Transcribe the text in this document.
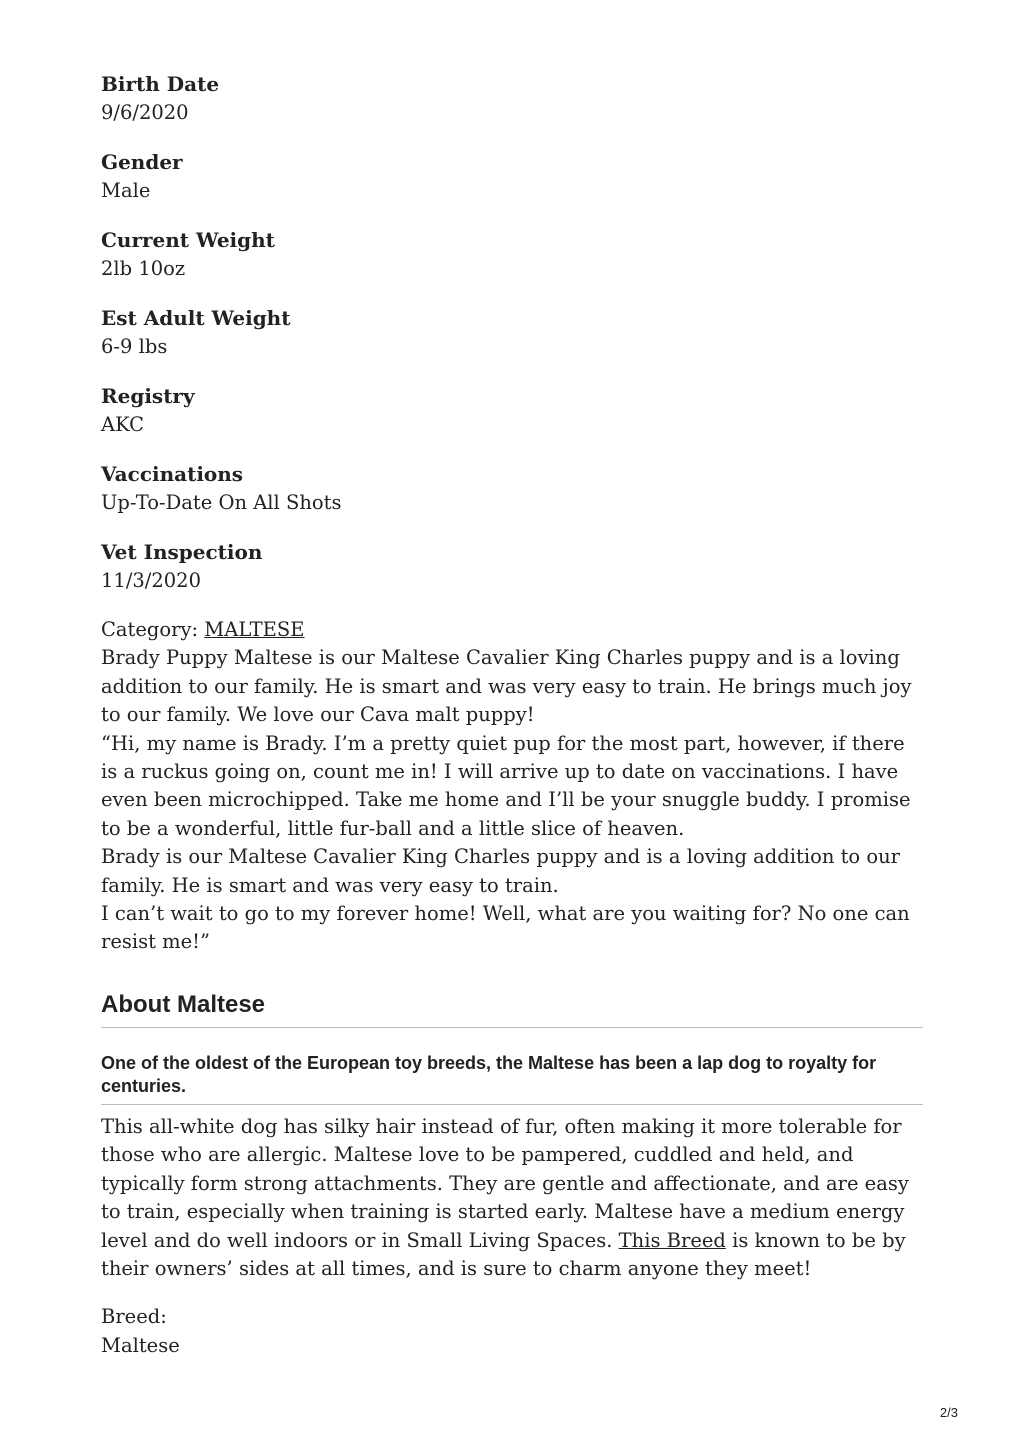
Birth Date
9/6/2020
Gender
Male
Current Weight
2lb 10oz
Est Adult Weight
6-9 lbs
Registry
AKC
Vaccinations
Up-To-Date On All Shots
Vet Inspection
11/3/2020

Category: MALTESE

Brady Puppy Maltese is our Maltese Cavalier King Charles puppy and is a loving addition to our family. He is smart and was very easy to train. He brings much joy to our family. We love our Cava malt puppy!

“Hi, my name is Brady. I’m a pretty quiet pup for the most part, however, if there is a ruckus going on, count me in! I will arrive up to date on vaccinations. I have even been microchipped. Take me home and I’ll be your snuggle buddy. I promise to be a wonderful, little fur-ball and a little slice of heaven.

Brady is our Maltese Cavalier King Charles puppy and is a loving addition to our family. He is smart and was very easy to train.

I can’t wait to go to my forever home! Well, what are you waiting for? No one can resist me!”

About Maltese
One of the oldest of the European toy breeds, the Maltese has been a lap dog to royalty for centuries.
This all-white dog has silky hair instead of fur, often making it more tolerable for those who are allergic. Maltese love to be pampered, cuddled and held, and typically form strong attachments. They are gentle and affectionate, and are easy to train, especially when training is started early. Maltese have a medium energy level and do well indoors or in Small Living Spaces. This Breed is known to be by their owners’ sides at all times, and is sure to charm anyone they meet!
Breed:
Maltese
2/3
